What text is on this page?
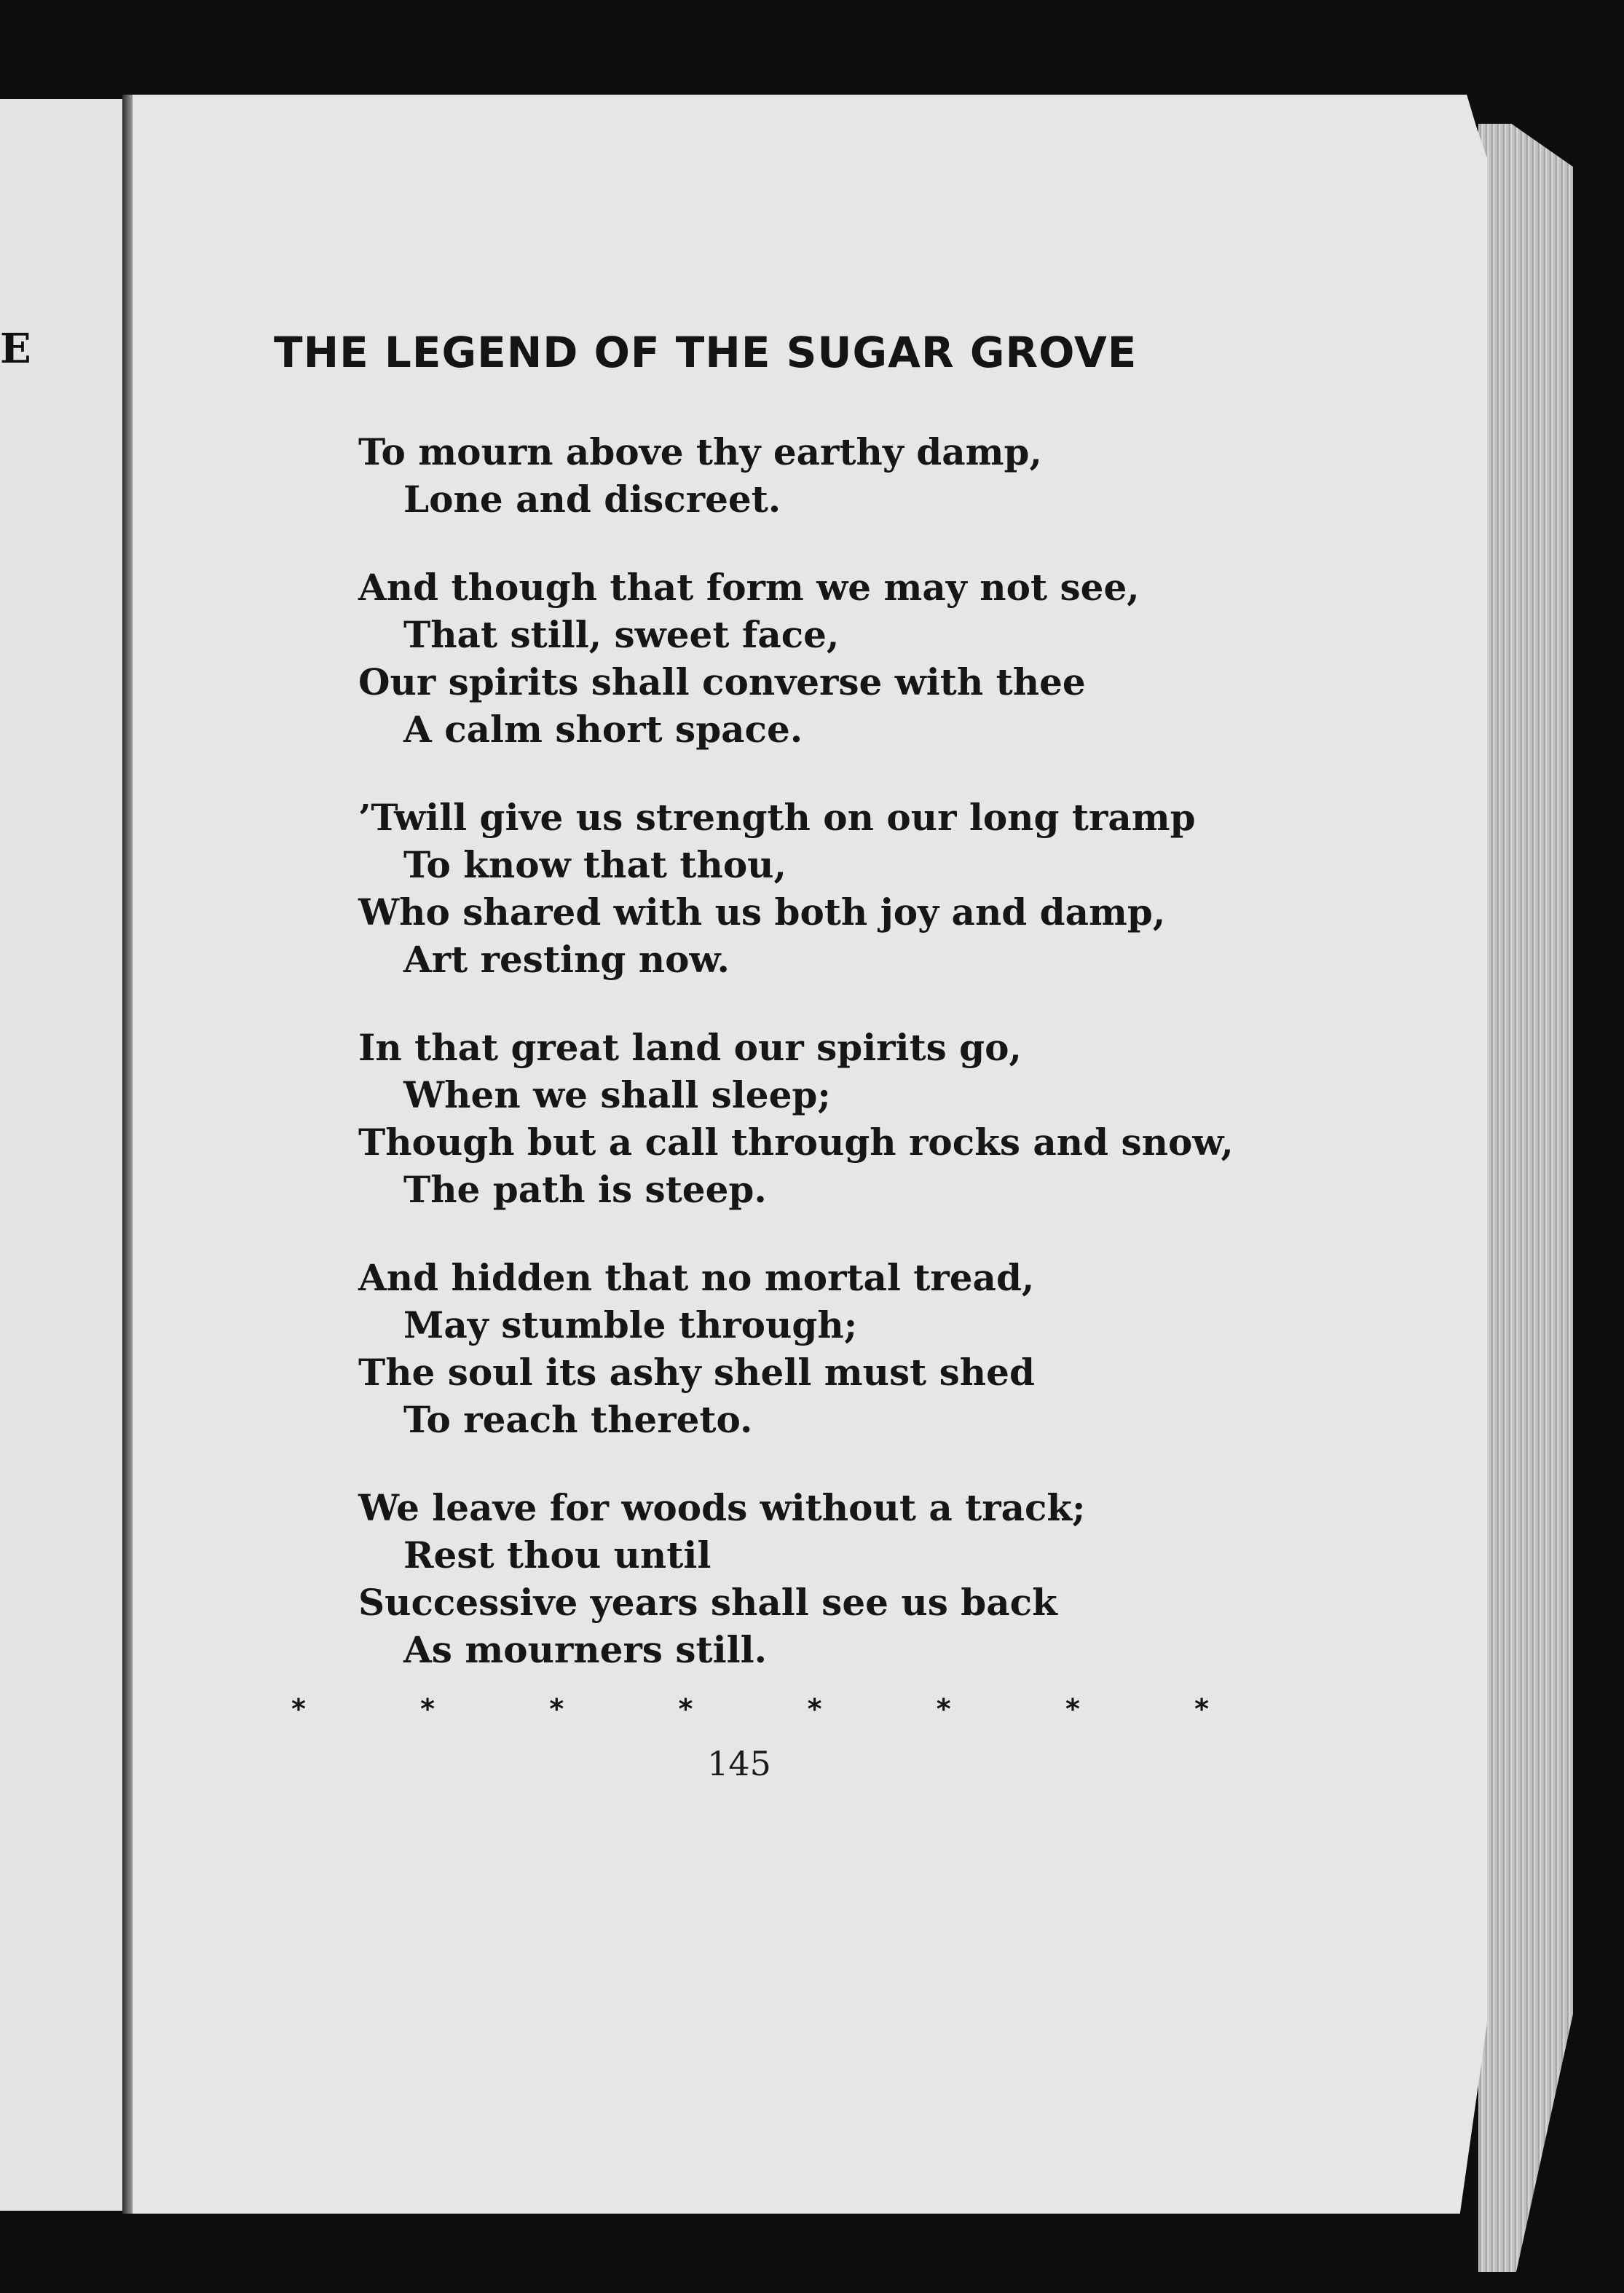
E	THE LEGEND OF THE SUGAR GROVE
To mourn above thy earthy damp,
Lone and discreet.
And though that form we may not see,
That still, sweet face,
Our spirits shall converse with thee
A calm short space.
’Twill give us strength on our long tramp
To know that thou,
Who shared with us both joy and damp,
Art resting now.
In that great land our spirits go,
When we shall sleep;
Though but a call through rocks and snow,
The path is steep.
And hidden that no mortal tread,
May stumble through;
The soul its ashy shell must shed
To reach thereto.
We leave for woods without a track;
Rest thou until
Successive years shall see us back
As mourners still.
*	*	*	*	*	*	*	*
145
